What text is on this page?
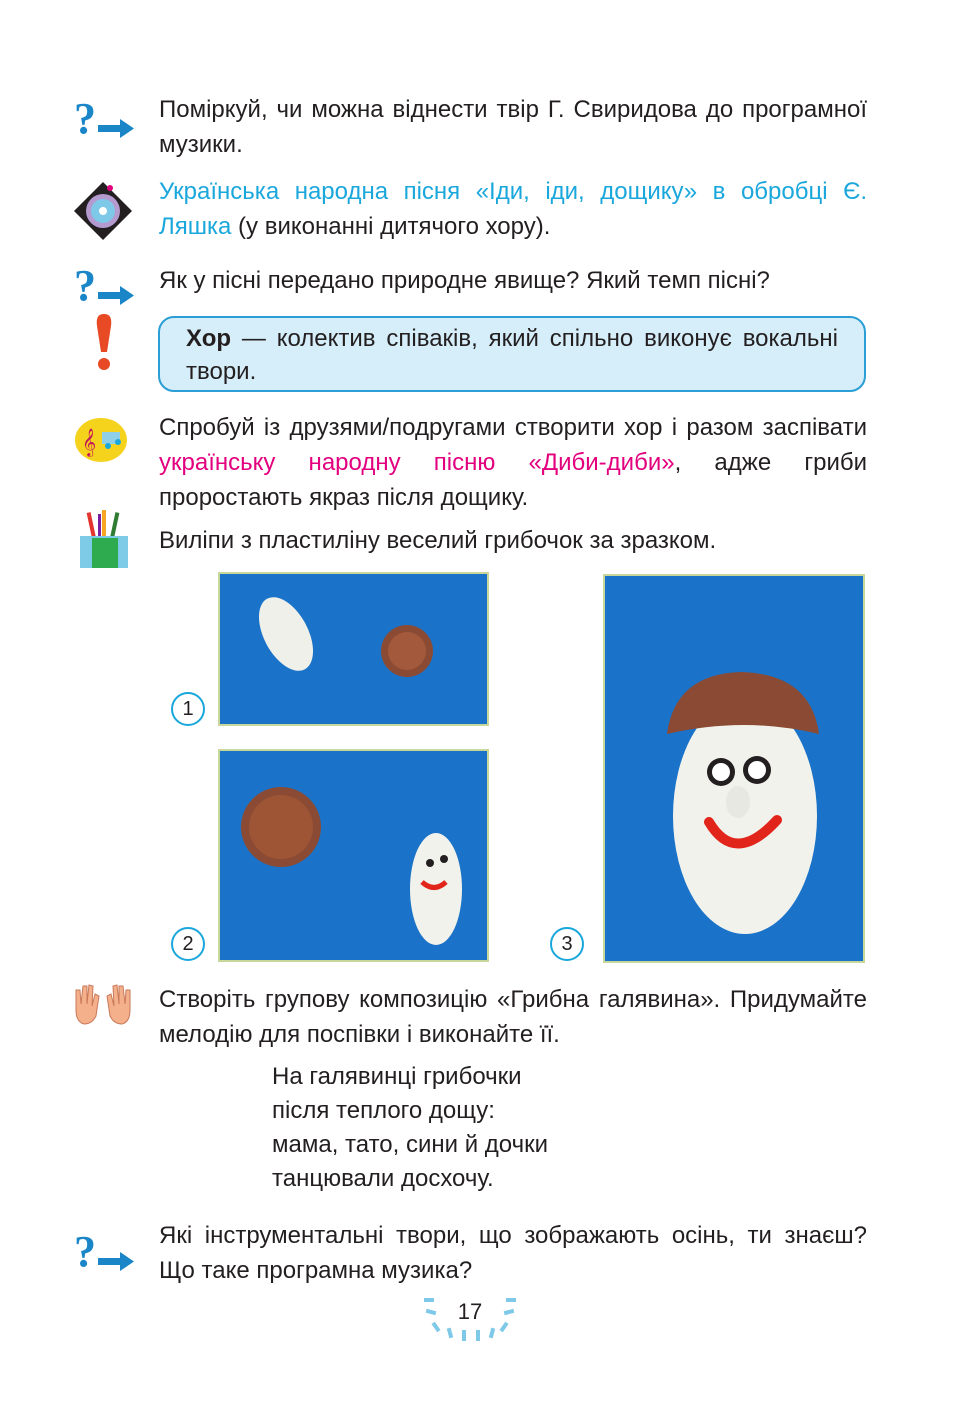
?	Поміркуй, чи можна віднести твір Г. Свиридова до програмної музики.
Українська народна пісня «Іди, іди, дощику» в обробці Є. Ляшка (у виконанні дитячого хору).
?	Як у пісні передано природне явище? Який темп пісні?
Хор — колектив співаків, який спільно виконує вокальні твори.
𝄞
Спробуй із друзями/подругами створити хор і разом заспівати українську народну пісню «Диби-диби», адже гриби проростають якраз після дощику.
Виліпи з пластиліну веселий грибочок за зразком.
1
2	3
Створіть групову композицію «Грибна галявина». Придумайте мелодію для поспівки і виконайте її.
На галявинці грибочки
після теплого дощу:
мама, тато, сини й дочки
танцювали досхочу.
?	Які інструментальні твори, що зображають осінь, ти знаєш? Що таке програмна музика?
17
